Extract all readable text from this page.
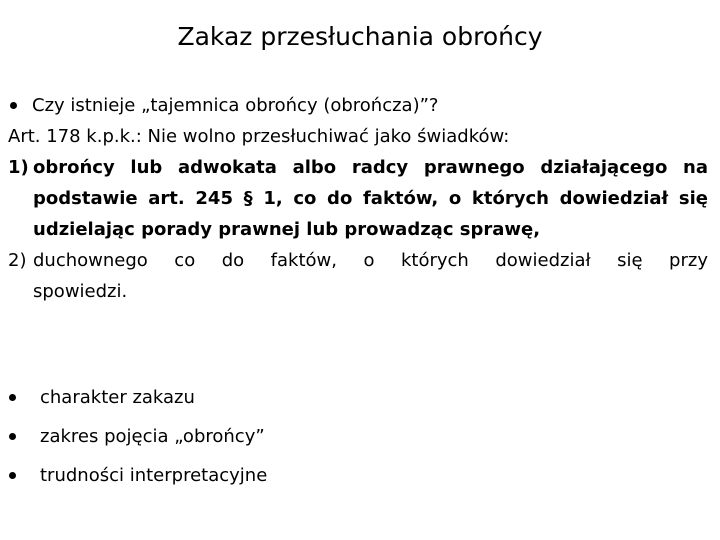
Zakaz przesłuchania obrońcy
Czy istnieje „tajemnica obrońcy (obrończa)”?
Art. 178 k.p.k.: Nie wolno przesłuchiwać jako świadków:
1) obrońcy lub adwokata albo radcy prawnego działającego na
podstawie art. 245 § 1, co do faktów, o których dowiedział się udzielając porady prawnej lub prowadząc sprawę,
2) duchownego co do faktów, o których dowiedział się przy
spowiedzi.
charakter zakazu
zakres pojęcia „obrońcy”
trudności interpretacyjne
